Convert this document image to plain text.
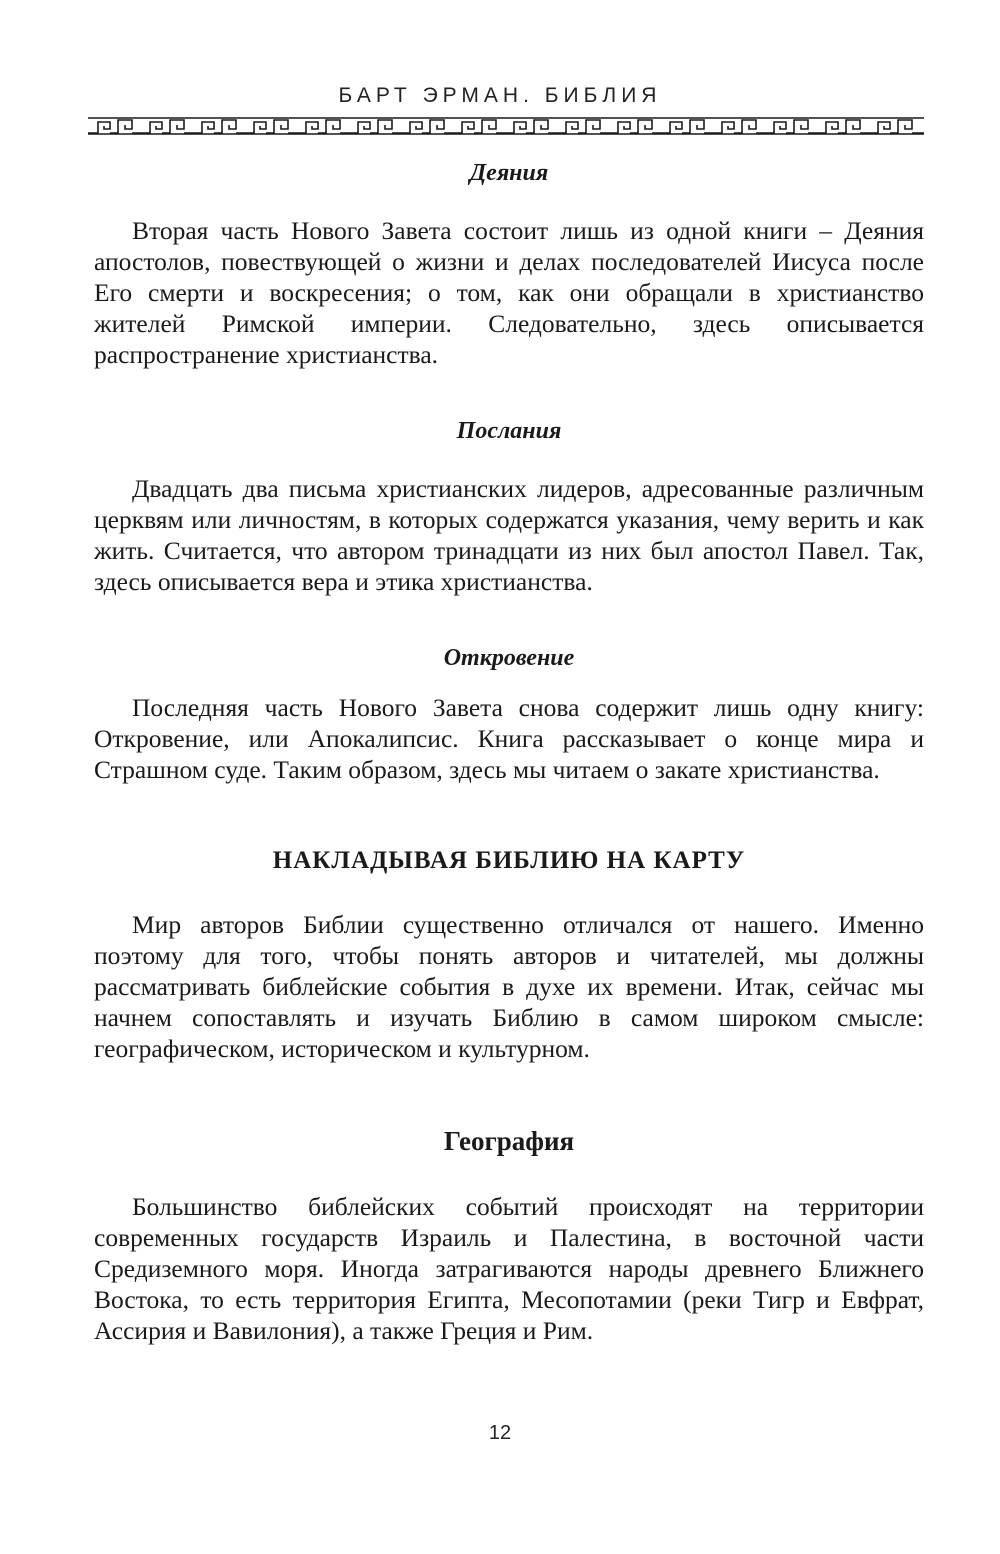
БАРТ ЭРМАН. БИБЛИЯ
Деяния

Вторая часть Нового Завета состоит лишь из одной книги – Деяния апостолов, повествующей о жизни и делах последователей Иисуса после Его смерти и воскресения; о том, как они обращали в христианство жителей Римской империи. Следовательно, здесь описывается распространение христианства.

Послания

Двадцать два письма христианских лидеров, адресованные различным церквям или личностям, в которых содержатся указания, чему верить и как жить. Считается, что автором тринадцати из них был апостол Павел. Так, здесь описывается вера и этика христианства.

Откровение

Последняя часть Нового Завета снова содержит лишь одну книгу: Откровение, или Апокалипсис. Книга рассказывает о конце мира и Страшном суде. Таким образом, здесь мы читаем о закате христианства.

НАКЛАДЫВАЯ БИБЛИЮ НА КАРТУ

Мир авторов Библии существенно отличался от нашего. Именно поэтому для того, чтобы понять авторов и читателей, мы должны рассматривать библейские события в духе их времени. Итак, сейчас мы начнем сопоставлять и изучать Библию в самом широком смысле: географическом, историческом и культурном.

География

Большинство библейских событий происходят на территории современных государств Израиль и Палестина, в восточной части Средиземного моря. Иногда затрагиваются народы древнего Ближнего Востока, то есть территория Египта, Месопотамии (реки Тигр и Евфрат, Ассирия и Вавилония), а также Греция и Рим.

12
